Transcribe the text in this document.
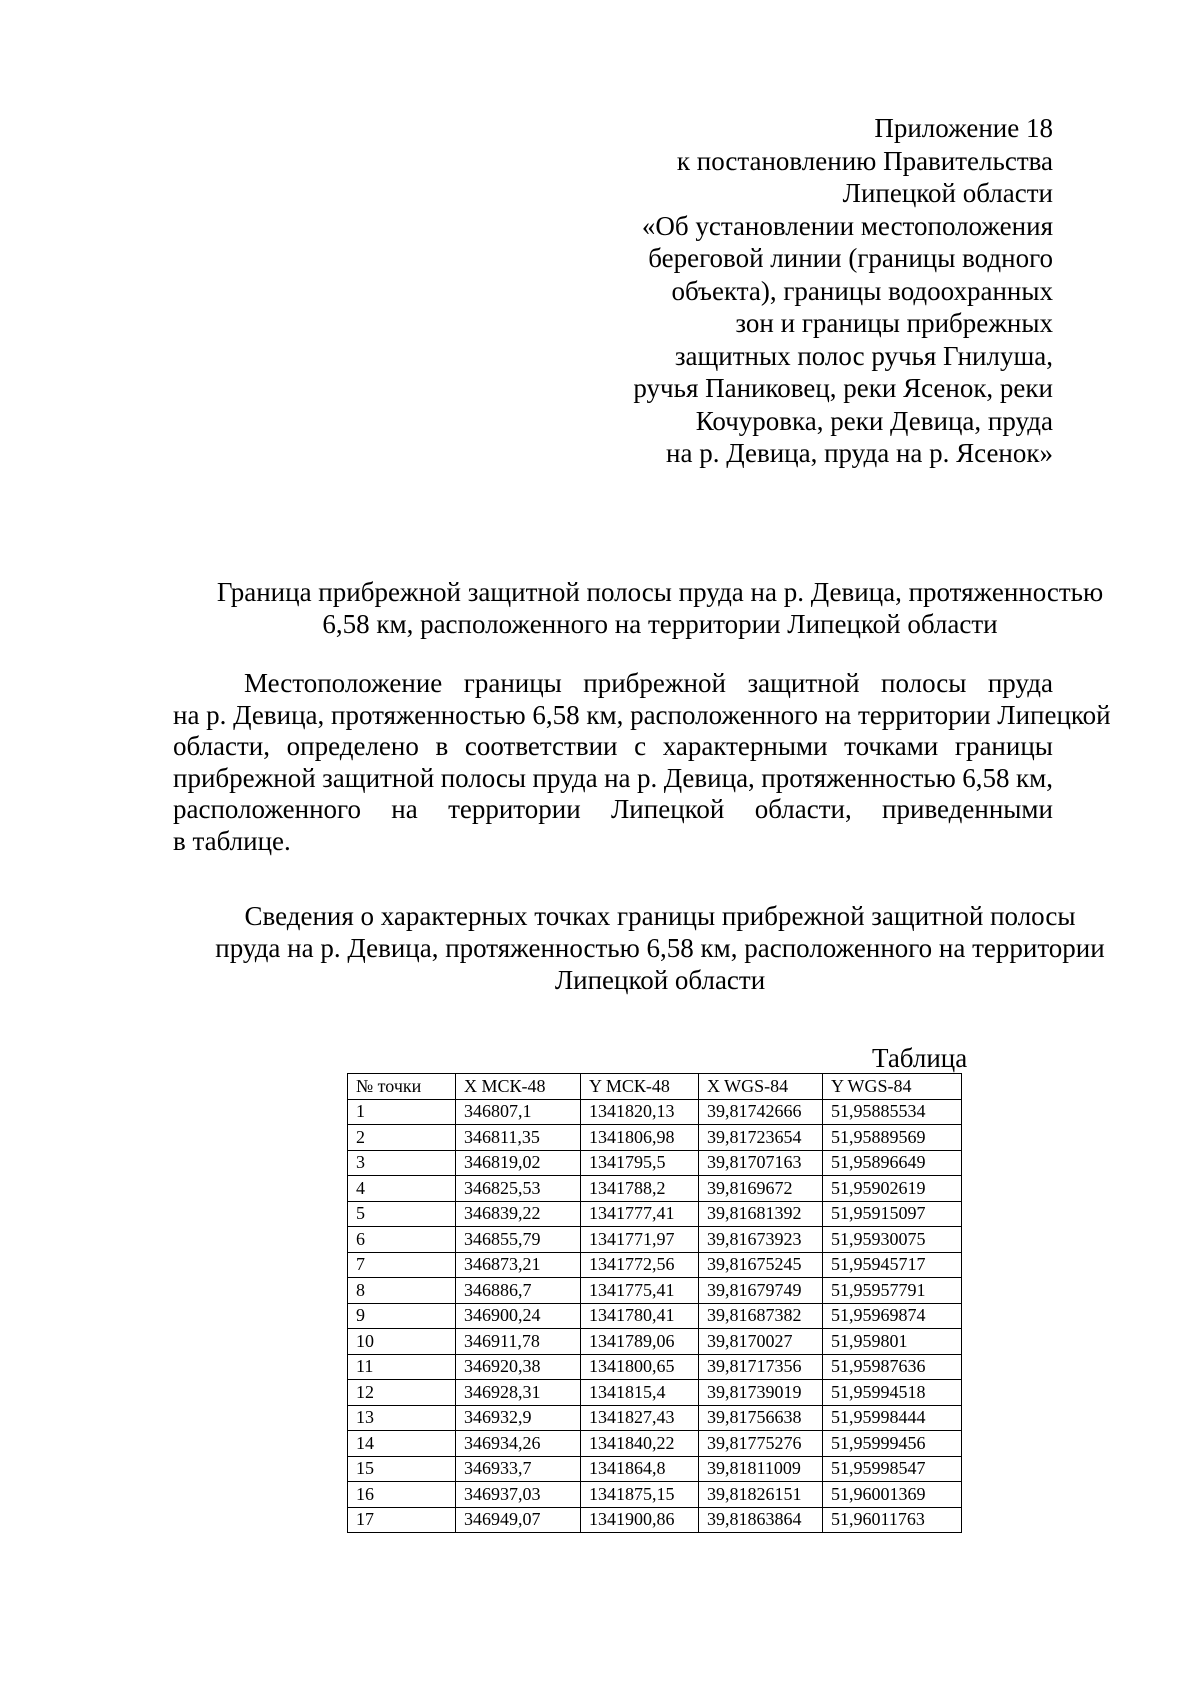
Приложение 18
к постановлению Правительства
Липецкой области
«Об установлении местоположения
береговой линии (границы водного
объекта), границы водоохранных
зон и границы прибрежных
защитных полос ручья Гнилуша,
ручья Паниковец, реки Ясенок, реки
Кочуровка, реки Девица, пруда
на р. Девица, пруда на р. Ясенок»
Граница прибрежной защитной полосы пруда на р. Девица, протяженностью
6,58 км, расположенного на территории Липецкой области
Местоположение границы прибрежной защитной полосы пруда
на р. Девица, протяженностью 6,58 км, расположенного на территории Липецкой
области, определено в соответствии с характерными точками границы
прибрежной защитной полосы пруда на р. Девица, протяженностью 6,58 км,
расположенного на территории Липецкой области, приведенными
в таблице.
Сведения о характерных точках границы прибрежной защитной полосы
пруда на р. Девица, протяженностью 6,58 км, расположенного на территории
Липецкой области
Таблица
№ точки	X МСК-48	Y МСК-48	X WGS-84	Y WGS-84
1	346807,1	1341820,13	39,81742666	51,95885534
2	346811,35	1341806,98	39,81723654	51,95889569
3	346819,02	1341795,5	39,81707163	51,95896649
4	346825,53	1341788,2	39,8169672	51,95902619
5	346839,22	1341777,41	39,81681392	51,95915097
6	346855,79	1341771,97	39,81673923	51,95930075
7	346873,21	1341772,56	39,81675245	51,95945717
8	346886,7	1341775,41	39,81679749	51,95957791
9	346900,24	1341780,41	39,81687382	51,95969874
10	346911,78	1341789,06	39,8170027	51,959801
11	346920,38	1341800,65	39,81717356	51,95987636
12	346928,31	1341815,4	39,81739019	51,95994518
13	346932,9	1341827,43	39,81756638	51,95998444
14	346934,26	1341840,22	39,81775276	51,95999456
15	346933,7	1341864,8	39,81811009	51,95998547
16	346937,03	1341875,15	39,81826151	51,96001369
17	346949,07	1341900,86	39,81863864	51,96011763
